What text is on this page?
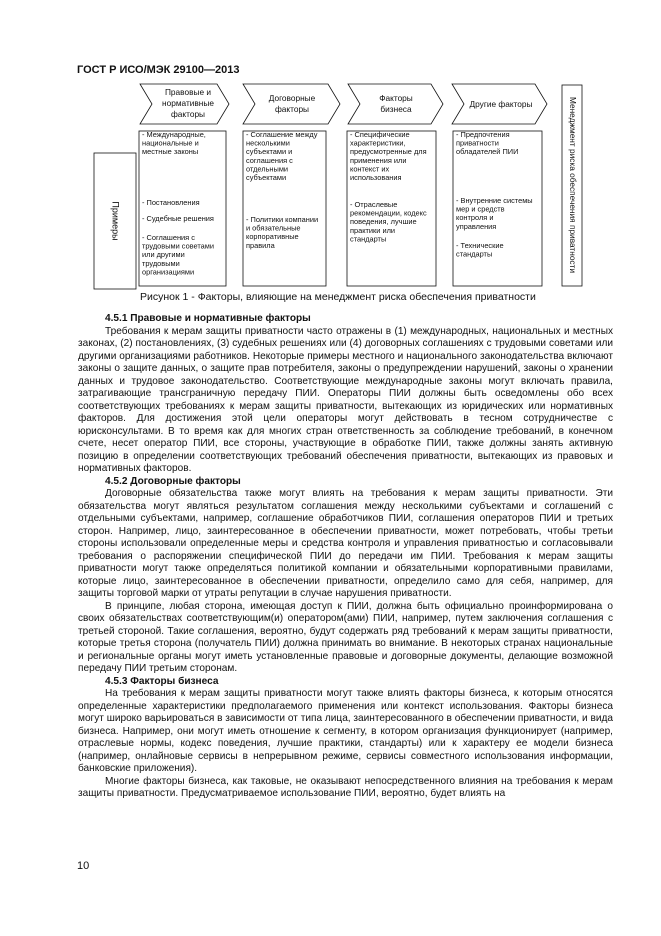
ГОСТ Р ИСО/МЭК 29100—2013
Примеры
Правовые и
нормативные
факторы
Договорные
факторы
Факторы
бизнеса	Другие факторы
- Международные,
национальные и
местные законы
- Постановления
- Судебные решения
- Соглашения с
трудовыми советами
или другими
трудовыми
организациями
- Соглашение между
несколькими
субъектами и
соглашения с
отдельными
субъектами
- Политики компании
и обязательные
корпоративные
правила
- Специфические
характеристики,
предусмотренные для
применения или
контекст их
использования
- Отраслевые
рекомендации, кодекс
поведения, лучшие
практики или
стандарты
- Предпочтения
приватности
обладателей ПИИ
- Внутренние системы
мер и средств
контроля и
управления
- Технические
стандарты	Менеджмент риска обеспечения приватности
Рисунок 1 - Факторы, влияющие на менеджмент риска обеспечения приватности
4.5.1 Правовые и нормативные факторы

Требования к мерам защиты приватности часто отражены в (1) международных, национальных и местных законах, (2) постановлениях, (3) судебных решениях или (4) договорных соглашениях с трудовыми советами или другими организациями работников. Некоторые примеры местного и национального законодательства включают законы о защите данных, о защите прав потребителя, законы о предупреждении нарушений, законы о хранении данных и трудовое законодательство. Соответствующие международные законы могут включать правила, затрагивающие трансграничную передачу ПИИ. Операторы ПИИ должны быть осведомлены обо всех соответствующих требованиях к мерам защиты приватности, вытекающих из юридических или нормативных факторов. Для достижения этой цели операторы могут действовать в тесном сотрудничестве с юрисконсультами. В то время как для многих стран ответственность за соблюдение требований, в конечном счете, несет оператор ПИИ, все стороны, участвующие в обработке ПИИ, также должны занять активную позицию в определении соответствующих требований обеспечения приватности, вытекающих из правовых и нормативных факторов.

4.5.2 Договорные факторы

Договорные обязательства также могут влиять на требования к мерам защиты приватности. Эти обязательства могут являться результатом соглашения между несколькими субъектами и соглашений с отдельными субъектами, например, соглашение обработчиков ПИИ, соглашения операторов ПИИ и третьих сторон. Например, лицо, заинтересованное в обеспечении приватности, может потребовать, чтобы третьи стороны использовали определенные меры и средства контроля и управления приватностью и согласовывали требования о распоряжении специфической ПИИ до передачи им ПИИ. Требования к мерам защиты приватности могут также определяться политикой компании и обязательными корпоративными правилами, которые лицо, заинтересованное в обеспечении приватности, определило само для себя, например, для защиты торговой марки от утраты репутации в случае нарушения приватности.

В принципе, любая сторона, имеющая доступ к ПИИ, должна быть официально проинформирована о своих обязательствах соответствующим(и) оператором(ами) ПИИ, например, путем заключения соглашения с третьей стороной. Такие соглашения, вероятно, будут содержать ряд требований к мерам защиты приватности, которые третья сторона (получатель ПИИ) должна принимать во внимание. В некоторых странах национальные и региональные органы могут иметь установленные правовые и договорные документы, делающие возможной передачу ПИИ третьим сторонам.

4.5.3 Факторы бизнеса

На требования к мерам защиты приватности могут также влиять факторы бизнеса, к которым относятся определенные характеристики предполагаемого применения или контекст использования. Факторы бизнеса могут широко варьироваться в зависимости от типа лица, заинтересованного в обеспечении приватности, и вида бизнеса. Например, они могут иметь отношение к сегменту, в котором организация функционирует (например, отраслевые нормы, кодекс поведения, лучшие практики, стандарты) или к характеру ее модели бизнеса (например, онлайновые сервисы в непрерывном режиме, сервисы совместного использования информации, банковские приложения).

Многие факторы бизнеса, как таковые, не оказывают непосредственного влияния на требования к мерам защиты приватности. Предусматриваемое использование ПИИ, вероятно, будет влиять на

10
